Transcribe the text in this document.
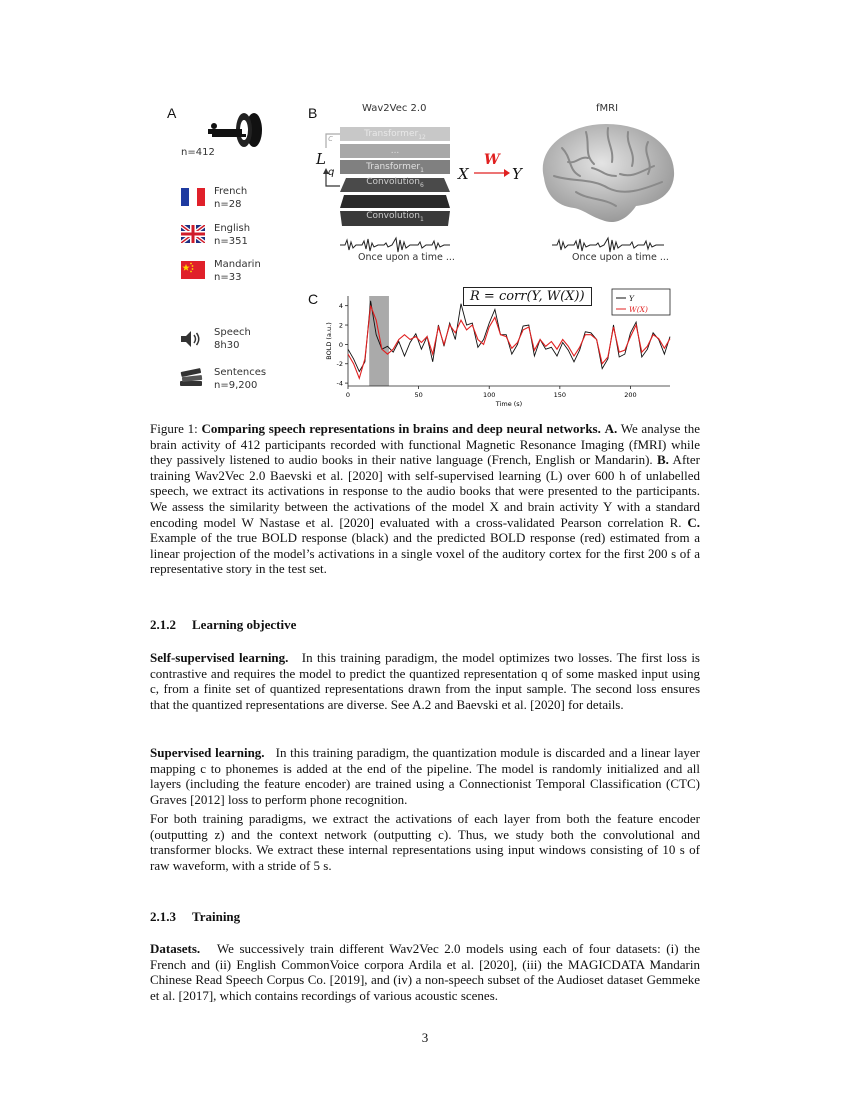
A
n=412
French
n=28
English
n=351
Mandarin
n=33
Speech
8h30
Sentences
n=9,200
B	Wav2Vec 2.0	fMRI
Transformer$_{12}$
...
Transformer$_1$
Convolution$_6$
Convolution$_1$
c
L
q	X
W
Y
Once upon a time ...	Once upon a time ...
C	R = corr(Y, W(X))
0	50	100	150	200
-4
-2
0
2
4
Time (s)
BOLD (a.u.)
Y
W(X)
Figure 1: Comparing speech representations in brains and deep neural networks. A. We analyse the brain activity of 412 participants recorded with functional Magnetic Resonance Imaging (fMRI) while they passively listened to audio books in their native language (French, English or Mandarin). B. After training Wav2Vec 2.0 Baevski et al. [2020] with self-supervised learning (L) over 600 h of unlabelled speech, we extract its activations in response to the audio books that were presented to the participants. We assess the similarity between the activations of the model X and brain activity Y with a standard encoding model W Nastase et al. [2020] evaluated with a cross-validated Pearson correlation R. C. Example of the true BOLD response (black) and the predicted BOLD response (red) estimated from a linear projection of the model’s activations in a single voxel of the auditory cortex for the first 200 s of a representative story in the test set.
2.1.2 Learning objective
Self-supervised learning. In this training paradigm, the model optimizes two losses. The first loss is contrastive and requires the model to predict the quantized representation q of some masked input using c, from a finite set of quantized representations drawn from the input sample. The second loss ensures that the quantized representations are diverse. See A.2 and Baevski et al. [2020] for details.
Supervised learning. In this training paradigm, the quantization module is discarded and a linear layer mapping c to phonemes is added at the end of the pipeline. The model is randomly initialized and all layers (including the feature encoder) are trained using a Connectionist Temporal Classification (CTC) Graves [2012] loss to perform phone recognition.
For both training paradigms, we extract the activations of each layer from both the feature encoder (outputting z) and the context network (outputting c). Thus, we study both the convolutional and transformer blocks. We extract these internal representations using input windows consisting of 10 s of raw waveform, with a stride of 5 s.
2.1.3 Training
Datasets. We successively train different Wav2Vec 2.0 models using each of four datasets: (i) the French and (ii) English CommonVoice corpora Ardila et al. [2020], (iii) the MAGICDATA Mandarin Chinese Read Speech Corpus Co. [2019], and (iv) a non-speech subset of the Audioset dataset Gemmeke et al. [2017], which contains recordings of various acoustic scenes.
3
